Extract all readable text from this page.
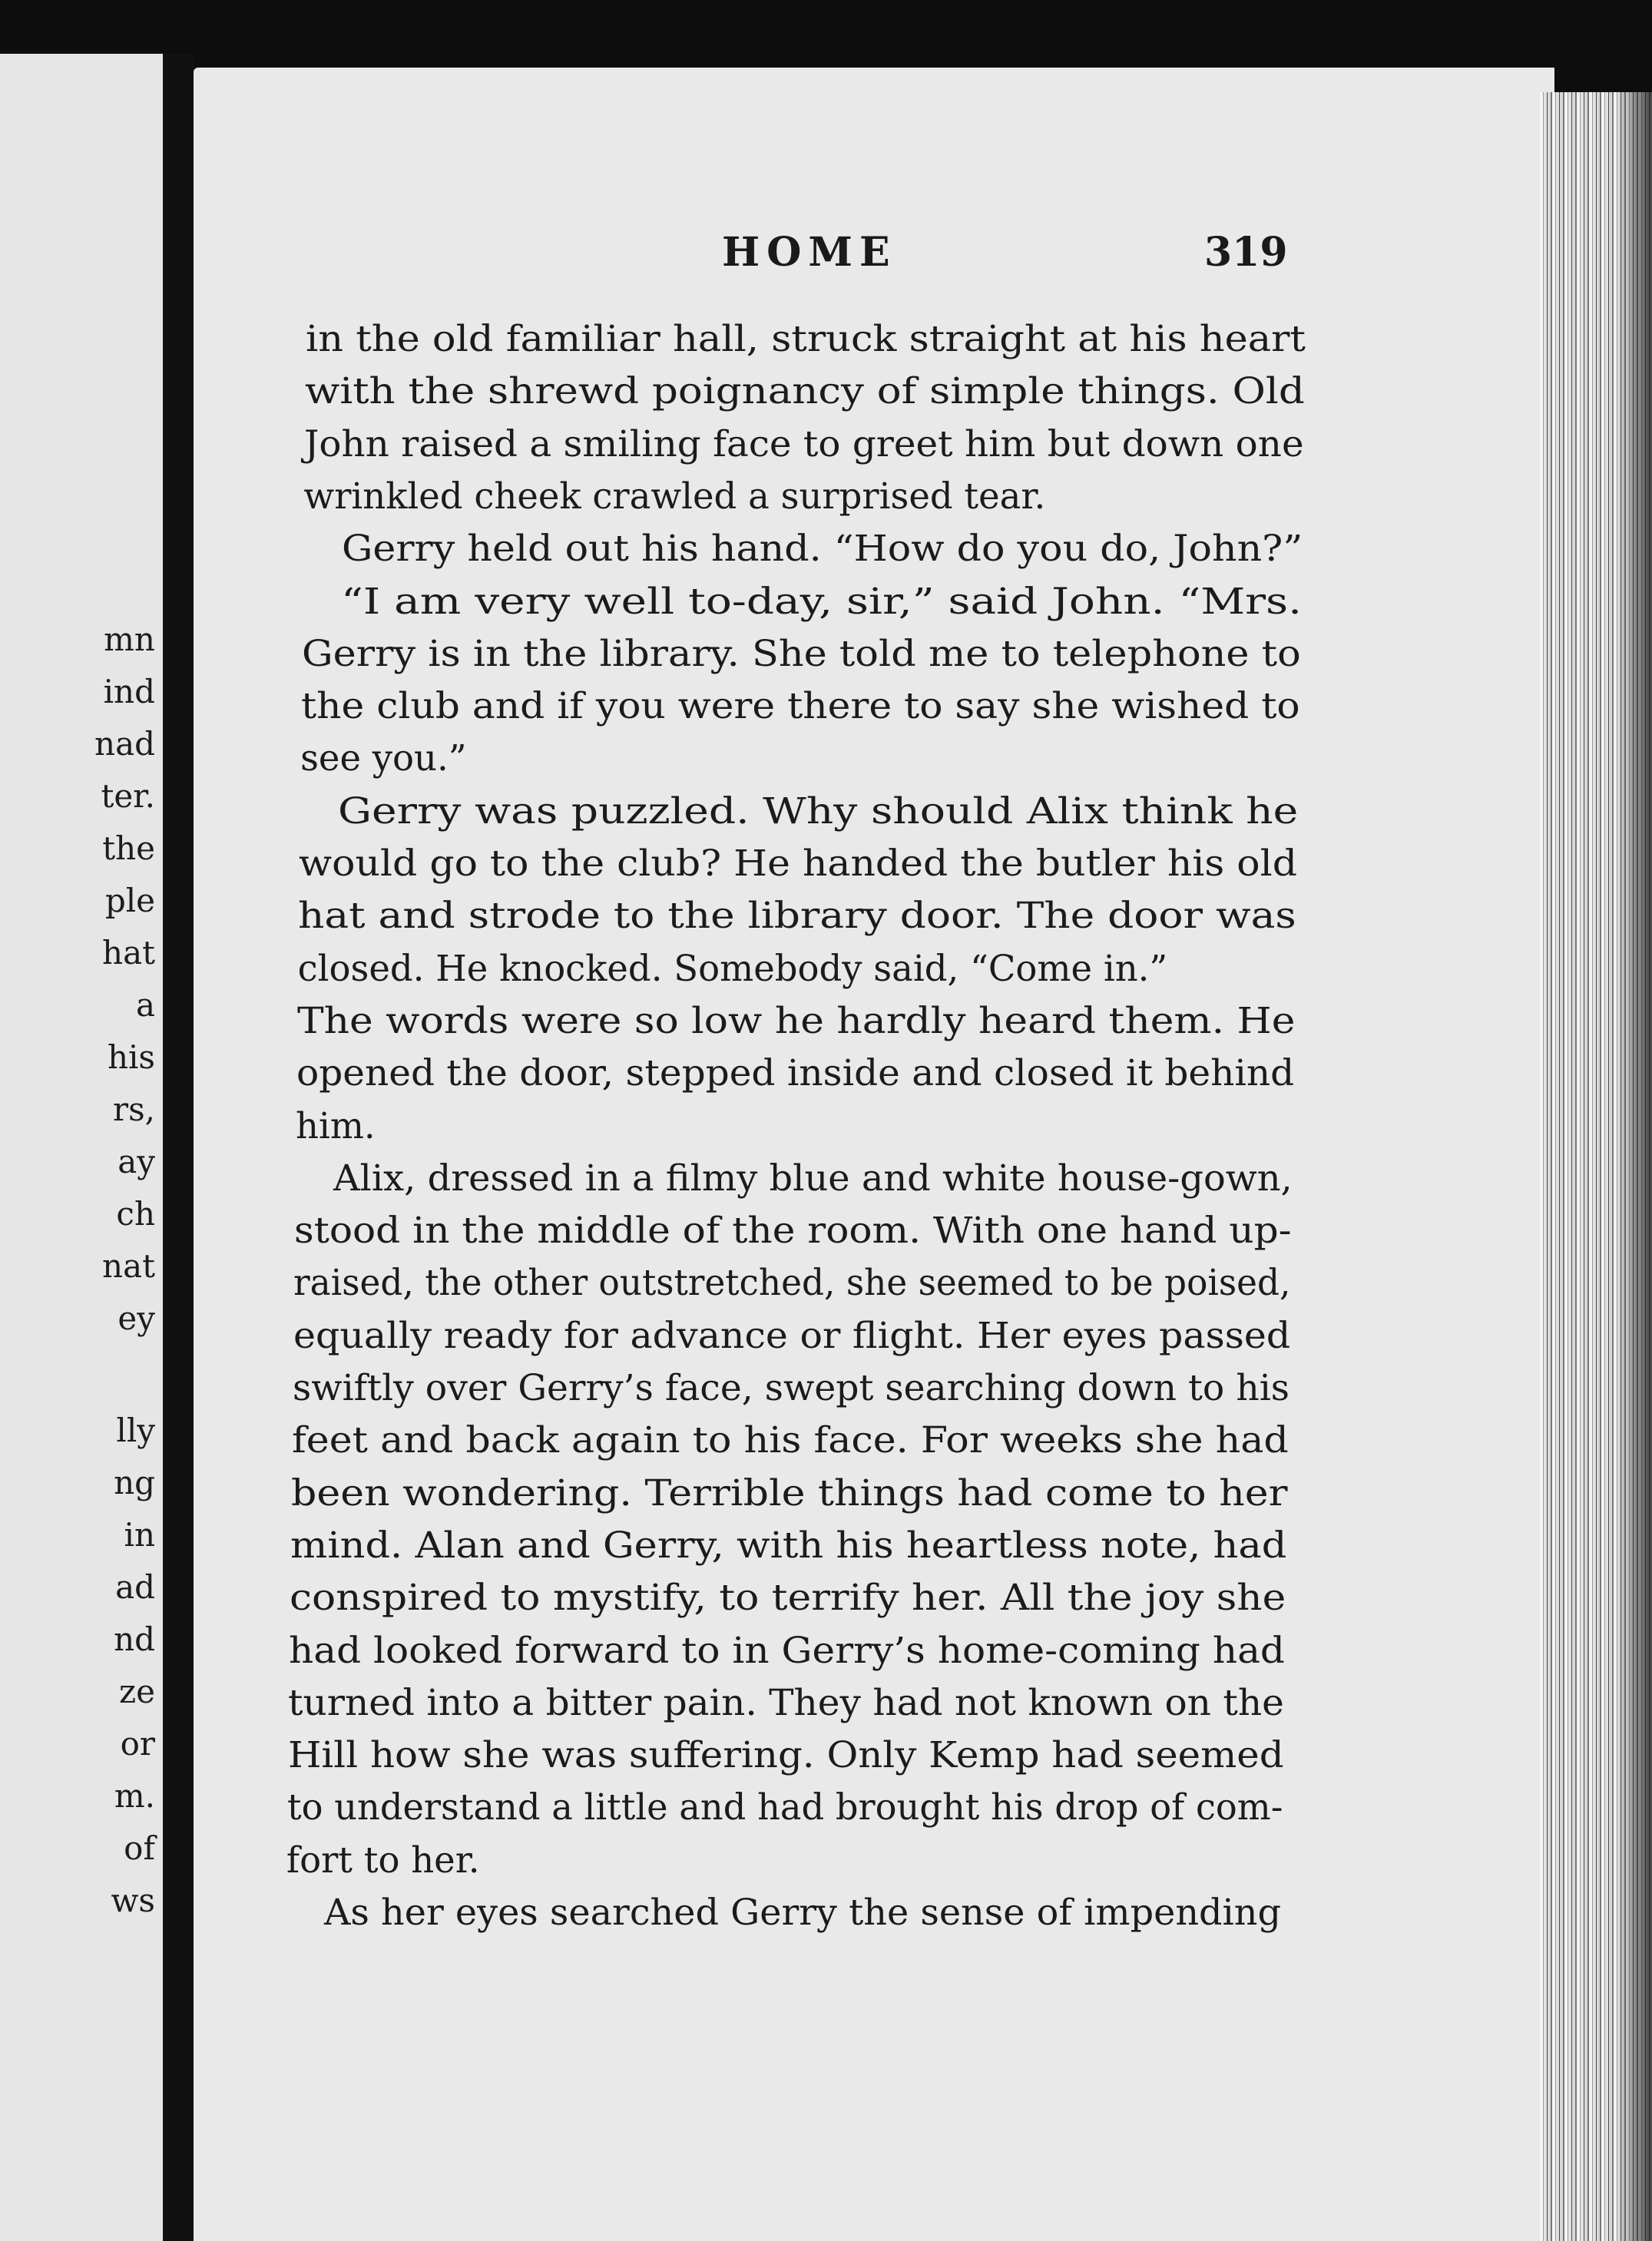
mn
ind
nad
ter.
the
ple
hat
a
his
rs,
ay
ch
nat
ey
lly
ng
in
ad
nd
ze
or
m.
of
ws
HOME	319
in the old familiar hall, struck straight at his heart
with the shrewd poignancy of simple things. Old
John raised a smiling face to greet him but down one
wrinkled cheek crawled a surprised tear.
Gerry held out his hand. “How do you do, John?”
“I am very well to-day, sir,” said John. “Mrs.
Gerry is in the library. She told me to telephone to
the club and if you were there to say she wished to
see you.”
Gerry was puzzled. Why should Alix think he
would go to the club? He handed the butler his old
hat and strode to the library door. The door was
closed. He knocked. Somebody said, “Come in.”
The words were so low he hardly heard them. He
opened the door, stepped inside and closed it behind
him.
Alix, dressed in a filmy blue and white house-gown,
stood in the middle of the room. With one hand up-
raised, the other outstretched, she seemed to be poised,
equally ready for advance or flight. Her eyes passed
swiftly over Gerry’s face, swept searching down to his
feet and back again to his face. For weeks she had
been wondering. Terrible things had come to her
mind. Alan and Gerry, with his heartless note, had
conspired to mystify, to terrify her. All the joy she
had looked forward to in Gerry’s home-coming had
turned into a bitter pain. They had not known on the
Hill how she was suffering. Only Kemp had seemed
to understand a little and had brought his drop of com-
fort to her.
As her eyes searched Gerry the sense of impending
